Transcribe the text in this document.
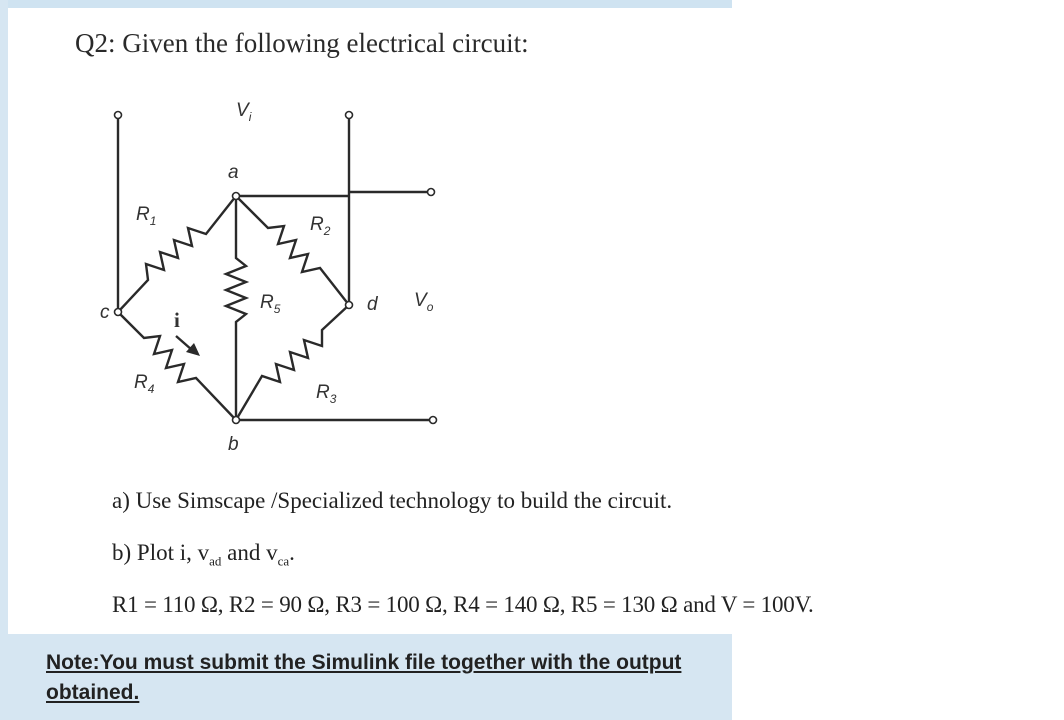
Q2: Given the following electrical circuit:
$V_i$
a
b
c	d $V_o$
$R_1$	$R_2$
$R_3$
$R_4$
$R_5$
i
a) Use Simscape /Specialized technology to build the circuit.
b) Plot i, $v_{ad}$ and $v_{ca}$.
R1 = 110 Ω, R2 = 90 Ω, R3 = 100 Ω, R4 = 140 Ω, R5 = 130 Ω and V = 100V.
Note:You must submit the Simulink file together with the output obtained.
